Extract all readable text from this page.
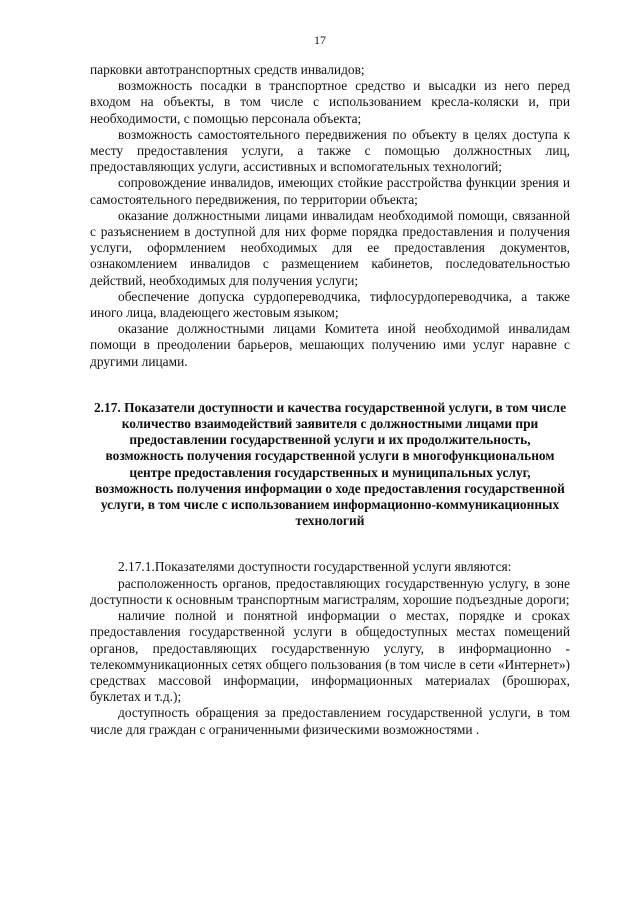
17

парковки автотранспортных средств инвалидов;

возможность посадки в транспортное средство и высадки из него перед входом на объекты, в том числе с использованием кресла-коляски и, при необходимости, с помощью персонала объекта;

возможность самостоятельного передвижения по объекту в целях доступа к месту предоставления услуги, а также с помощью должностных лиц, предоставляющих услуги, ассистивных и вспомогательных технологий;

сопровождение инвалидов, имеющих стойкие расстройства функции зрения и самостоятельного передвижения, по территории объекта;

оказание должностными лицами инвалидам необходимой помощи, связанной с разъяснением в доступной для них форме порядка предоставления и получения услуги, оформлением необходимых для ее предоставления документов, ознакомлением инвалидов с размещением кабинетов, последовательностью действий, необходимых для получения услуги;

обеспечение допуска сурдопереводчика, тифлосурдопереводчика, а также иного лица, владеющего жестовым языком;

оказание должностными лицами Комитета иной необходимой инвалидам помощи в преодолении барьеров, мешающих получению ими услуг наравне с другими лицами.

2.17. Показатели доступности и качества государственной услуги, в том числе количество взаимодействий заявителя с должностными лицами при предоставлении государственной услуги и их продолжительность, возможность получения государственной услуги в многофункциональном центре предоставления государственных и муниципальных услуг, возможность получения информации о ходе предоставления государственной услуги, в том числе с использованием информационно-коммуникационных технологий

2.17.1.Показателями доступности государственной услуги являются:

расположенность органов, предоставляющих государственную услугу, в зоне доступности к основным транспортным магистралям, хорошие подъездные дороги;

наличие полной и понятной информации о местах, порядке и сроках предоставления государственной услуги в общедоступных местах помещений органов, предоставляющих государственную услугу, в информационно - телекоммуникационных сетях общего пользования (в том числе в сети «Интернет») средствах массовой информации, информационных материалах (брошюрах, буклетах и т.д.);

доступность обращения за предоставлением государственной услуги, в том числе для граждан с ограниченными физическими возможностями .
